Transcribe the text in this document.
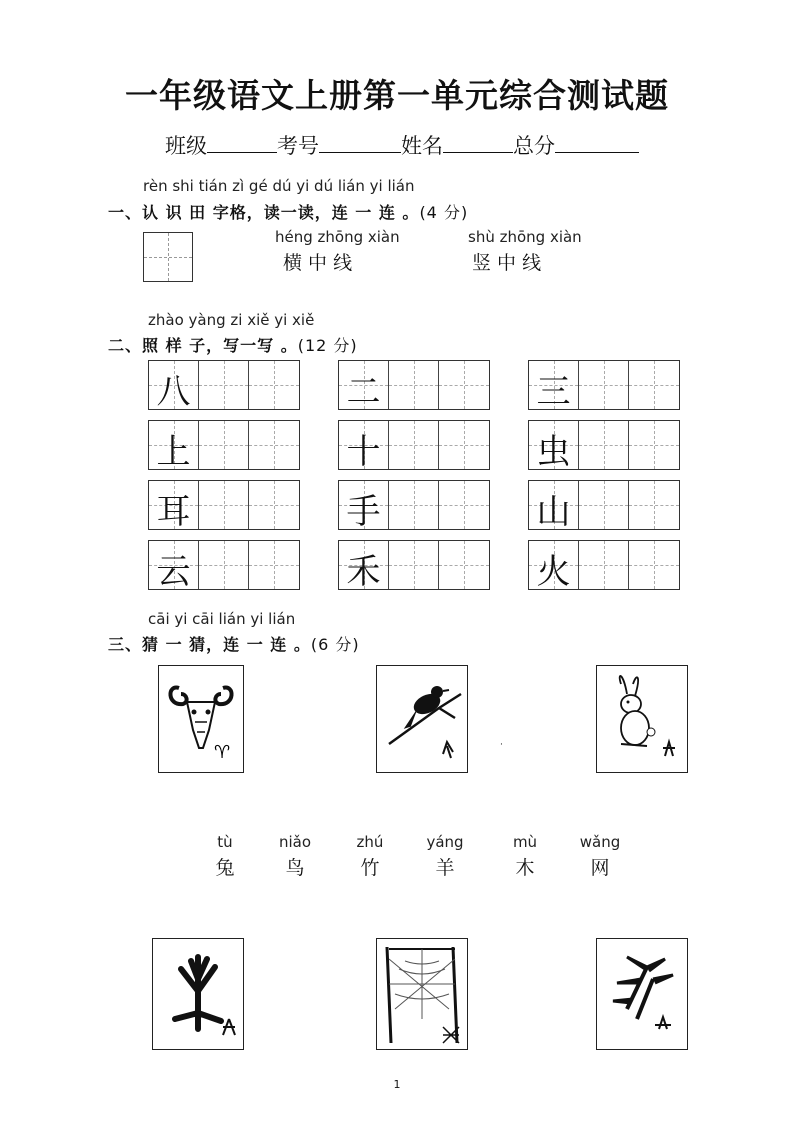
一年级语文上册第一单元综合测试题
班级	考号	姓名	总分
rèn shi tián zì gé dú yi dú lián yi lián
一、认 识 田 字格，读一读，连 一 连 。(4 分)
héng zhōng xiàn
横 中 线
shù zhōng xiàn
竖 中 线
zhào yàng zi xiě yi xiě
二、照 样 子，写一写 。(12 分)
八	二	三
上	十	虫
耳	手	山
云	禾	火
cāi yi cāi lián yi lián
三、猜 一 猜，连 一 连 。(6 分)
♈	·
tù
兔
niǎo
鸟
zhú
竹
yáng
羊
mù
木
wǎng
网
1
